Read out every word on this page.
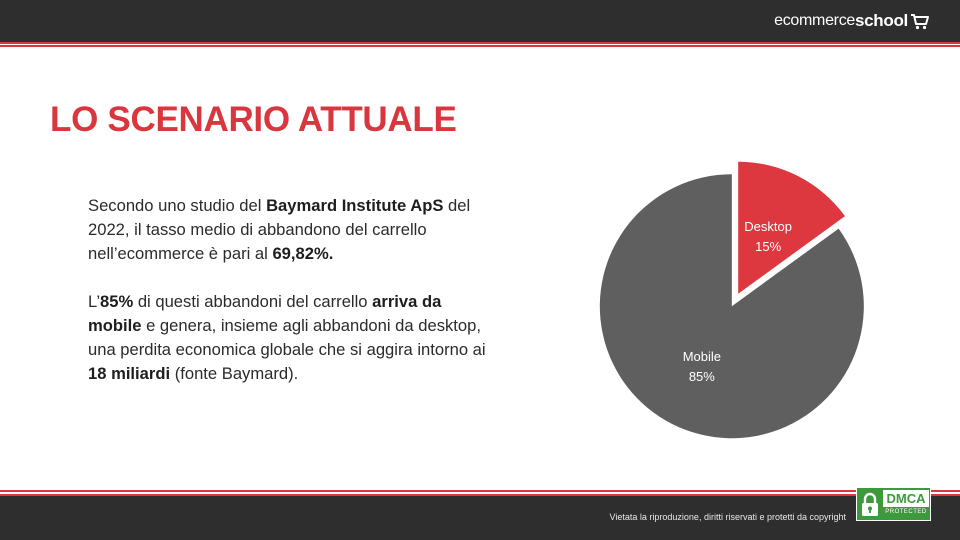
ecommerce school
LO SCENARIO ATTUALE

Secondo uno studio del Baymard Institute ApS del 2022, il tasso medio di abbandono del carrello nell’ecommerce è pari al 69,82%.

L’85% di questi abbandoni del carrello arriva da mobile e genera, insieme agli abbandoni da desktop, una perdita economica globale che si aggira intorno ai 18 miliardi (fonte Baymard).

Desktop
15%
Mobile
85%
Vietata la riproduzione, diritti riservati e protetti da copyright
DMCA
PROTECTED
